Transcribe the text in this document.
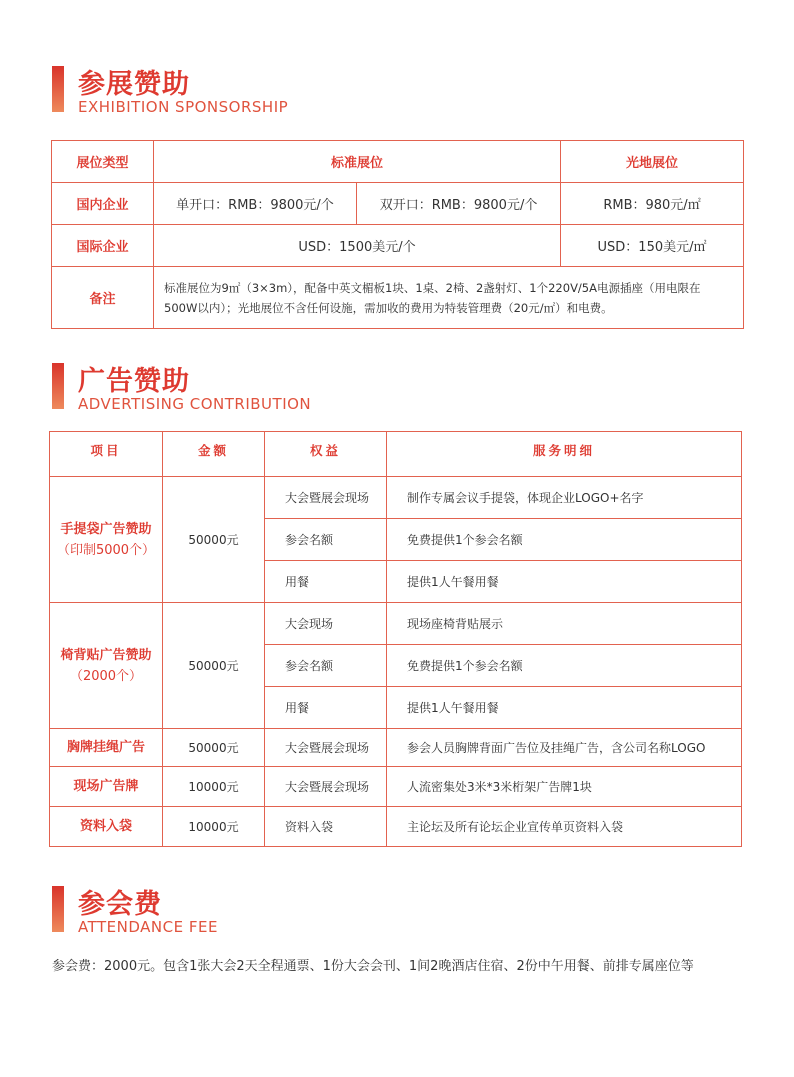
参展赞助
EXHIBITION SPONSORSHIP
展位类型	标准展位		光地展位
国内企业	单开口：RMB：9800元/个	双开口：RMB：9800元/个	RMB：980元/㎡
国际企业	USD：1500美元/个		USD：150美元/㎡
备注	标准展位为9㎡（3×3m），配备中英文楣板1块、1桌、2椅、2盏射灯、1个220V/5A电源插座（用电限在500W以内）；光地展位不含任何设施，需加收的费用为特装管理费（20元/㎡）和电费。		
广告赞助
ADVERTISING CONTRIBUTION
项目	金额	权益	服务明细

手提袋广告赞助
（印制5000个）	50000元	大会暨展会现场	制作专属会议手提袋，体现企业LOGO+名字
		参会名额	免费提供1个参会名额
		用餐	提供1人午餐用餐

椅背贴广告赞助
（2000个）	50000元	大会现场	现场座椅背贴展示
		参会名额	免费提供1个参会名额
		用餐	提供1人午餐用餐
胸牌挂绳广告	50000元	大会暨展会现场	参会人员胸牌背面广告位及挂绳广告，含公司名称LOGO
现场广告牌	10000元	大会暨展会现场	人流密集处3米*3米桁架广告牌1块
资料入袋	10000元	资料入袋	主论坛及所有论坛企业宣传单页资料入袋
参会费
ATTENDANCE FEE
参会费：2000元。包含1张大会2天全程通票、1份大会会刊、1间2晚酒店住宿、2份中午用餐、前排专属座位等
